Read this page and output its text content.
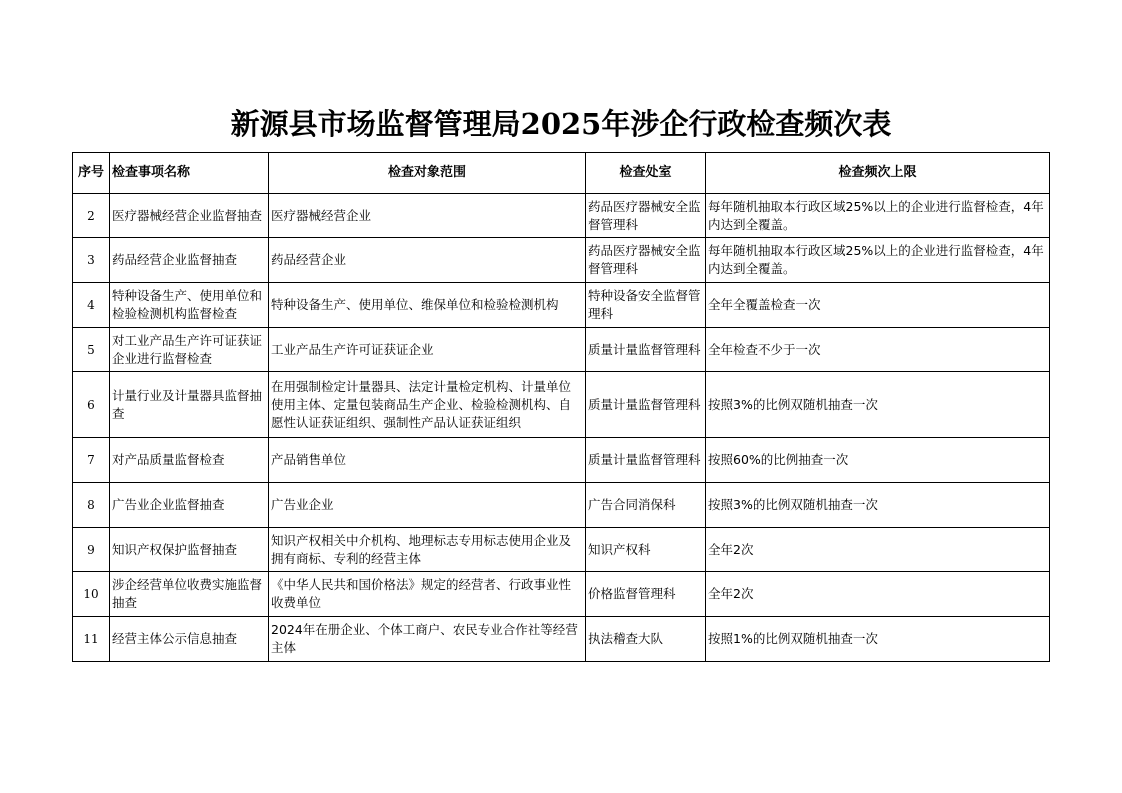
新源县市场监督管理局2025年涉企行政检查频次表
序号	检查事项名称	检查对象范围	检查处室	检查频次上限
2	医疗器械经营企业监督抽查	医疗器械经营企业	药品医疗器械安全监督管理科	每年随机抽取本行政区域25%以上的企业进行监督检查，4年内达到全覆盖。
3	药品经营企业监督抽查	药品经营企业	药品医疗器械安全监督管理科	每年随机抽取本行政区域25%以上的企业进行监督检查，4年内达到全覆盖。
4	特种设备生产、使用单位和检验检测机构监督检查	特种设备生产、使用单位、维保单位和检验检测机构	特种设备安全监督管理科	全年全覆盖检查一次
5	对工业产品生产许可证获证企业进行监督检查	工业产品生产许可证获证企业	质量计量监督管理科	全年检查不少于一次
6	计量行业及计量器具监督抽查	在用强制检定计量器具、法定计量检定机构、计量单位使用主体、定量包装商品生产企业、检验检测机构、自愿性认证获证组织、强制性产品认证获证组织	质量计量监督管理科	按照3%的比例双随机抽查一次
7	对产品质量监督检查	产品销售单位	质量计量监督管理科	按照60%的比例抽查一次
8	广告业企业监督抽查	广告业企业	广告合同消保科	按照3%的比例双随机抽查一次
9	知识产权保护监督抽查	知识产权相关中介机构、地理标志专用标志使用企业及拥有商标、专利的经营主体	知识产权科	全年2次
10	涉企经营单位收费实施监督抽查	《中华人民共和国价格法》规定的经营者、行政事业性收费单位	价格监督管理科	全年2次
11	经营主体公示信息抽查	2024年在册企业、个体工商户、农民专业合作社等经营主体	执法稽查大队	按照1%的比例双随机抽查一次
